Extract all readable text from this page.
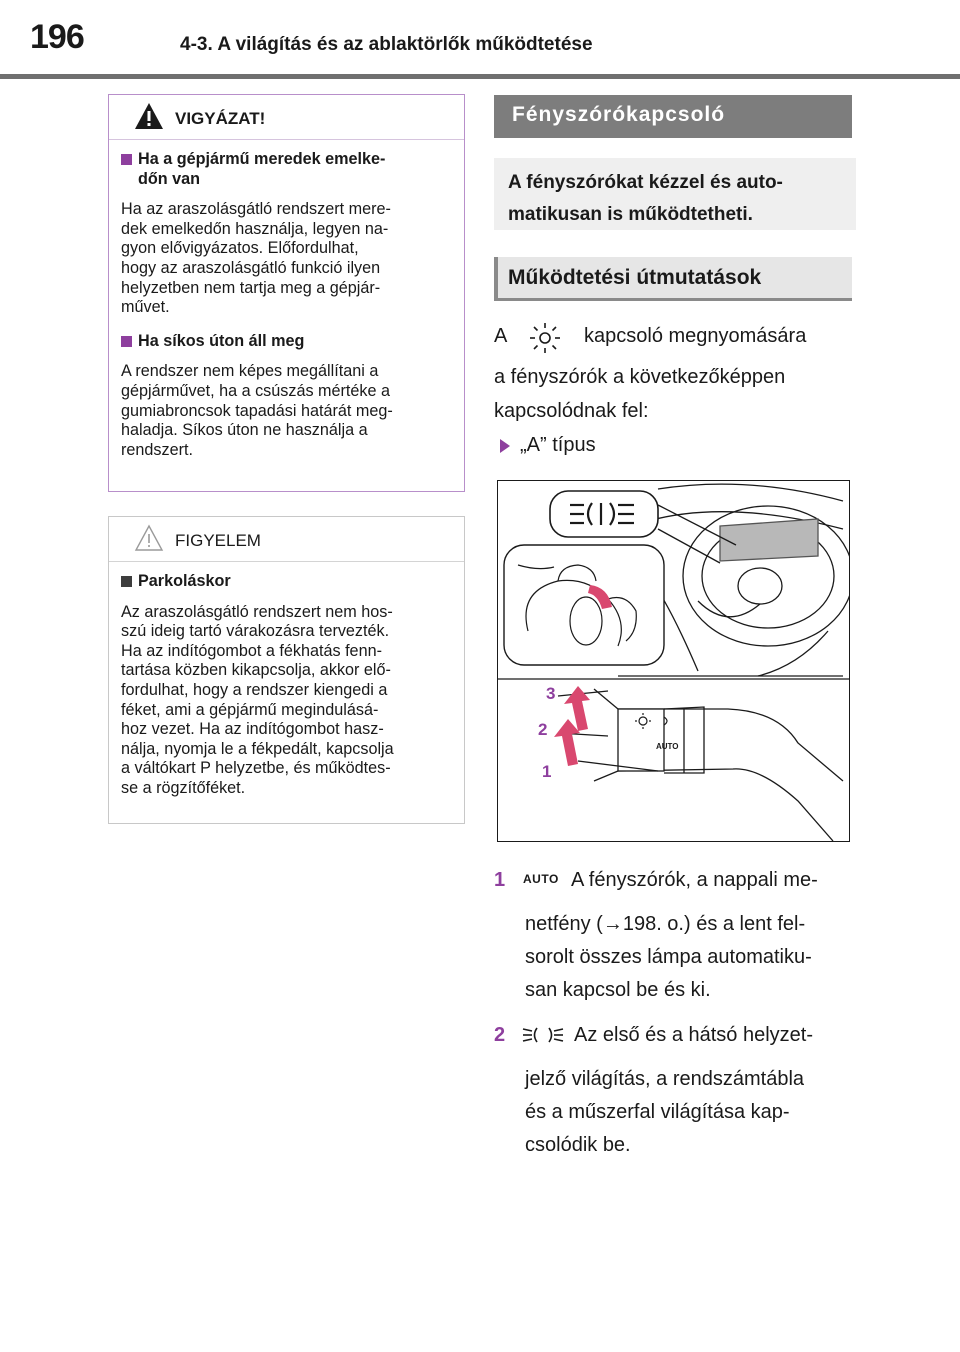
196	4-3. A világítás és az ablaktörlők működtetése
VIGYÁZAT!
Ha a gépjármű meredek emelke-
dőn van
Ha az araszolásgátló rendszert mere-
dek emelkedőn használja, legyen na-
gyon elővigyázatos. Előfordulhat,
hogy az araszolásgátló funkció ilyen
helyzetben nem tartja meg a gépjár-
művet.
Ha síkos úton áll meg
A rendszer nem képes megállítani a
gépjárművet, ha a csúszás mértéke a
gumiabroncsok tapadási határát meg-
haladja. Síkos úton ne használja a
rendszert.
FIGYELEM
Parkoláskor
Az araszolásgátló rendszert nem hos-
szú ideig tartó várakozásra tervezték.
Ha az indítógombot a fékhatás fenn-
tartása közben kikapcsolja, akkor elő-
fordulhat, hogy a rendszer kiengedi a
féket, ami a gépjármű megindulásá-
hoz vezet. Ha az indítógombot hasz-
nálja, nyomja le a fékpedált, kapcsolja
a váltókart P helyzetbe, és működtes-
se a rögzítőféket.
Fényszórókapcsoló
A fényszórókat kézzel és auto-
matikusan is működtetheti.
Működtetési útmutatások
A	kapcsoló megnyomására
a fényszórók a következőképpen
kapcsolódnak fel:
„A” típus
AUTO
3
2
1
1 AUTO A fényszórók, a nappali me-
netfény (→198. o.) és a lent fel-
sorolt összes lámpa automatiku-
san kapcsol be és ki.
2	Az első és a hátsó helyzet-
jelző világítás, a rendszámtábla
és a műszerfal világítása kap-
csolódik be.
